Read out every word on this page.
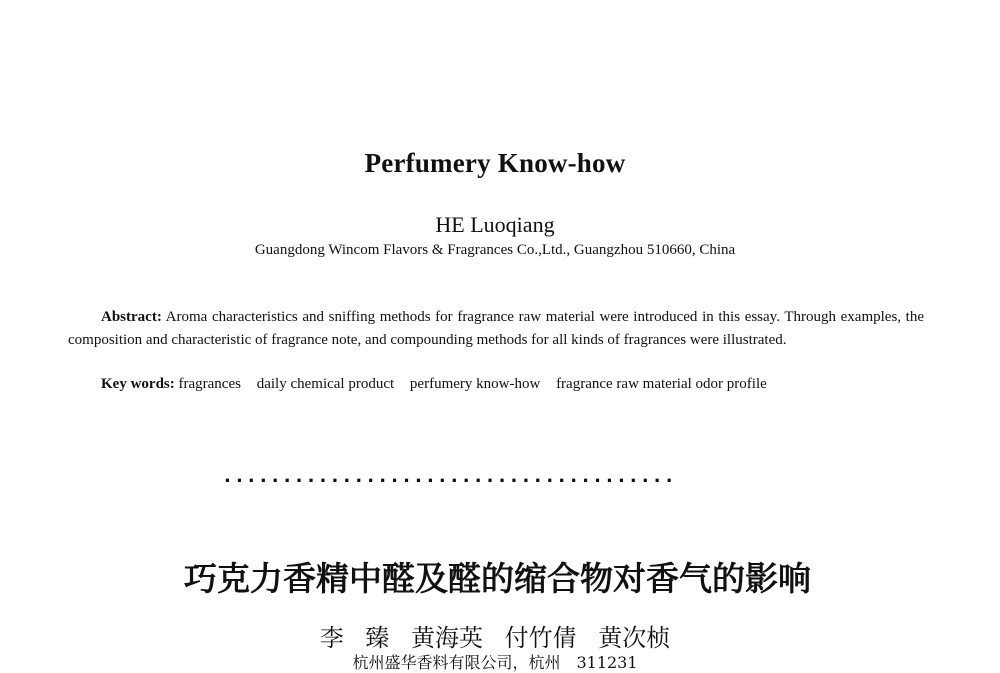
Perfumery Know-how
HE Luoqiang
Guangdong Wincom Flavors & Fragrances Co.,Ltd., Guangzhou 510660, China
Abstract: Aroma characteristics and sniffing methods for fragrance raw material were introduced in this essay. Through examples, the composition and characteristic of fragrance note, and compounding methods for all kinds of fragrances were illustrated.
Key words: fragrances daily chemical product perfumery know-how fragrance raw material odor profile
......................................
巧克力香精中醛及醛的缩合物对香气的影响
李 臻 黄海英 付竹倩 黄次桢
杭州盛华香料有限公司，杭州　311231
